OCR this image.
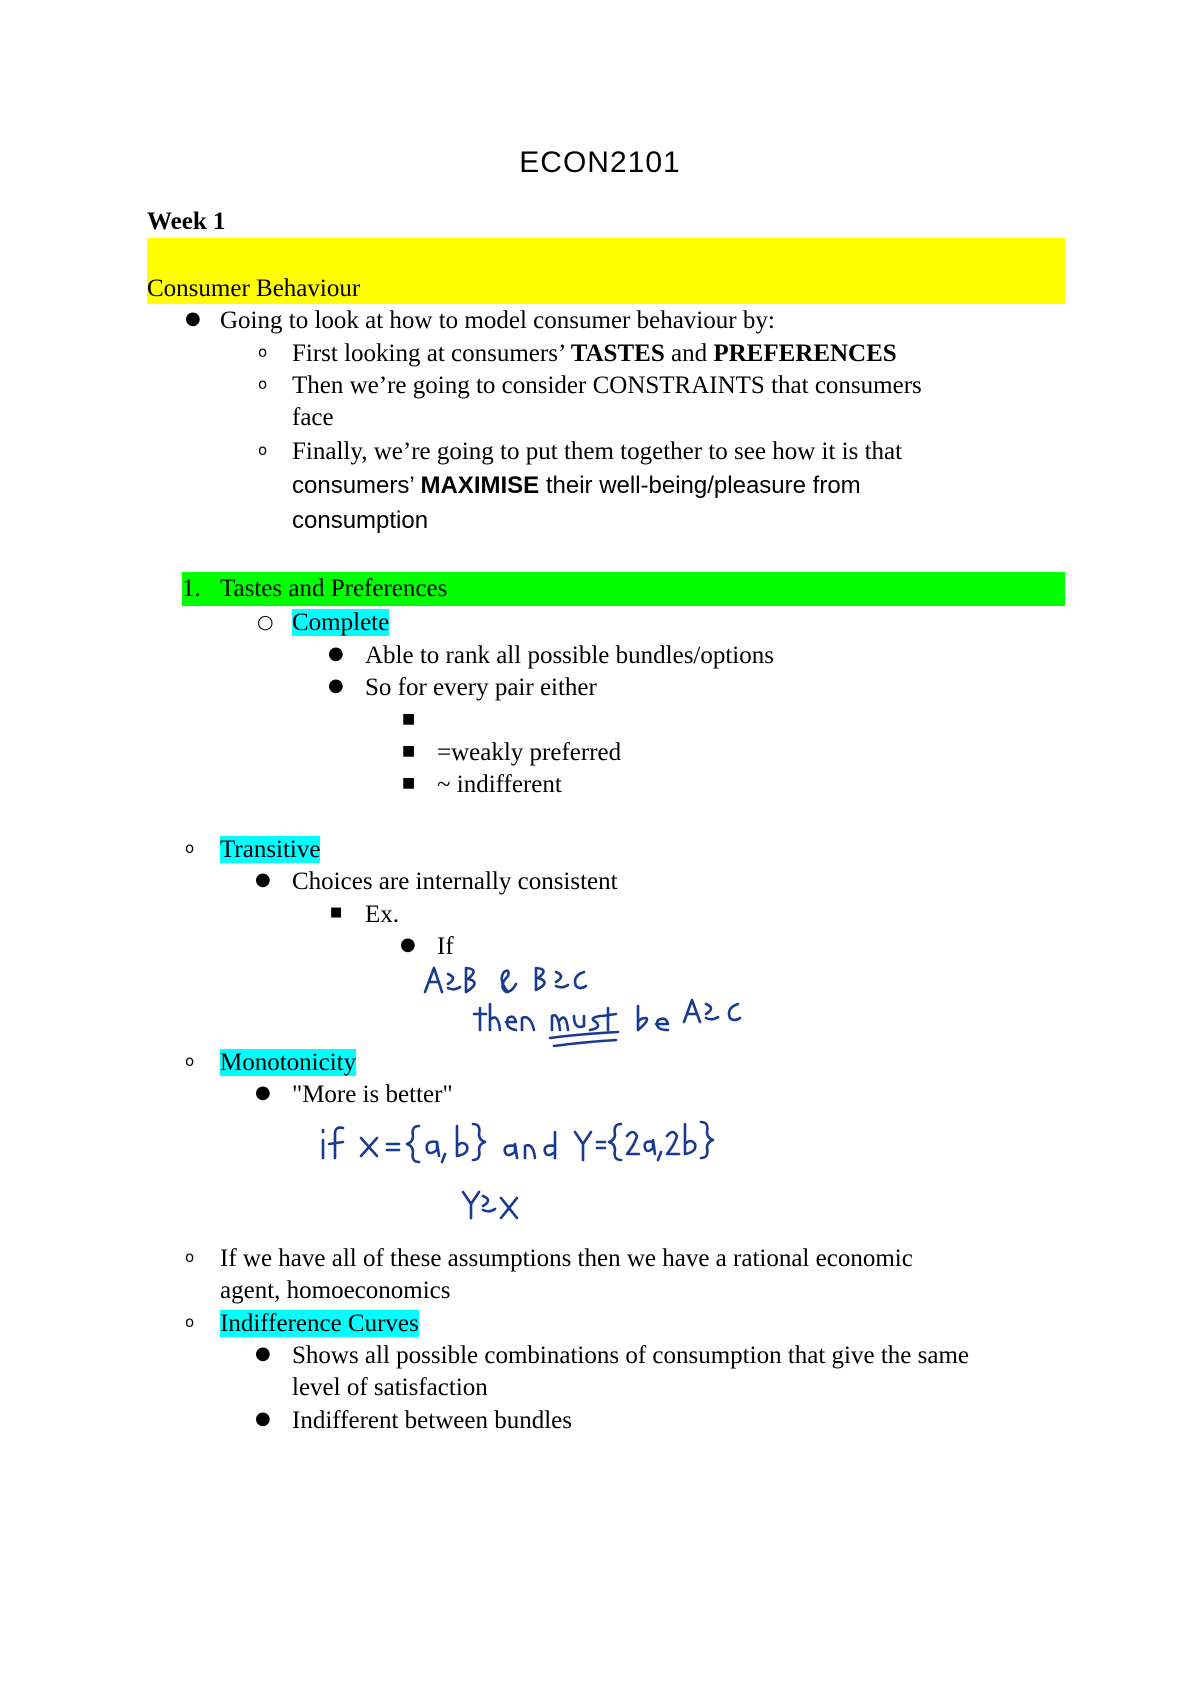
ECON2101
Week 1
Consumer Behaviour
● Going to look at how to model consumer behaviour by:
o First looking at consumers’ TASTES and PREFERENCES
o Then we’re going to consider CONSTRAINTS that consumers
face
o Finally, we’re going to put them together to see how it is that
consumers’ MAXIMISE their well-being/pleasure from
consumption
1. Tastes and Preferences
○ Complete
● Able to rank all possible bundles/options
● So for every pair either
■
■ =weakly preferred
■ ~ indifferent
o Transitive
● Choices are internally consistent
■ Ex.
● If
o Monotonicity
● "More is better"
o If we have all of these assumptions then we have a rational economic
agent, homoeconomics
o Indifference Curves
● Shows all possible combinations of consumption that give the same
level of satisfaction
● Indifferent between bundles
